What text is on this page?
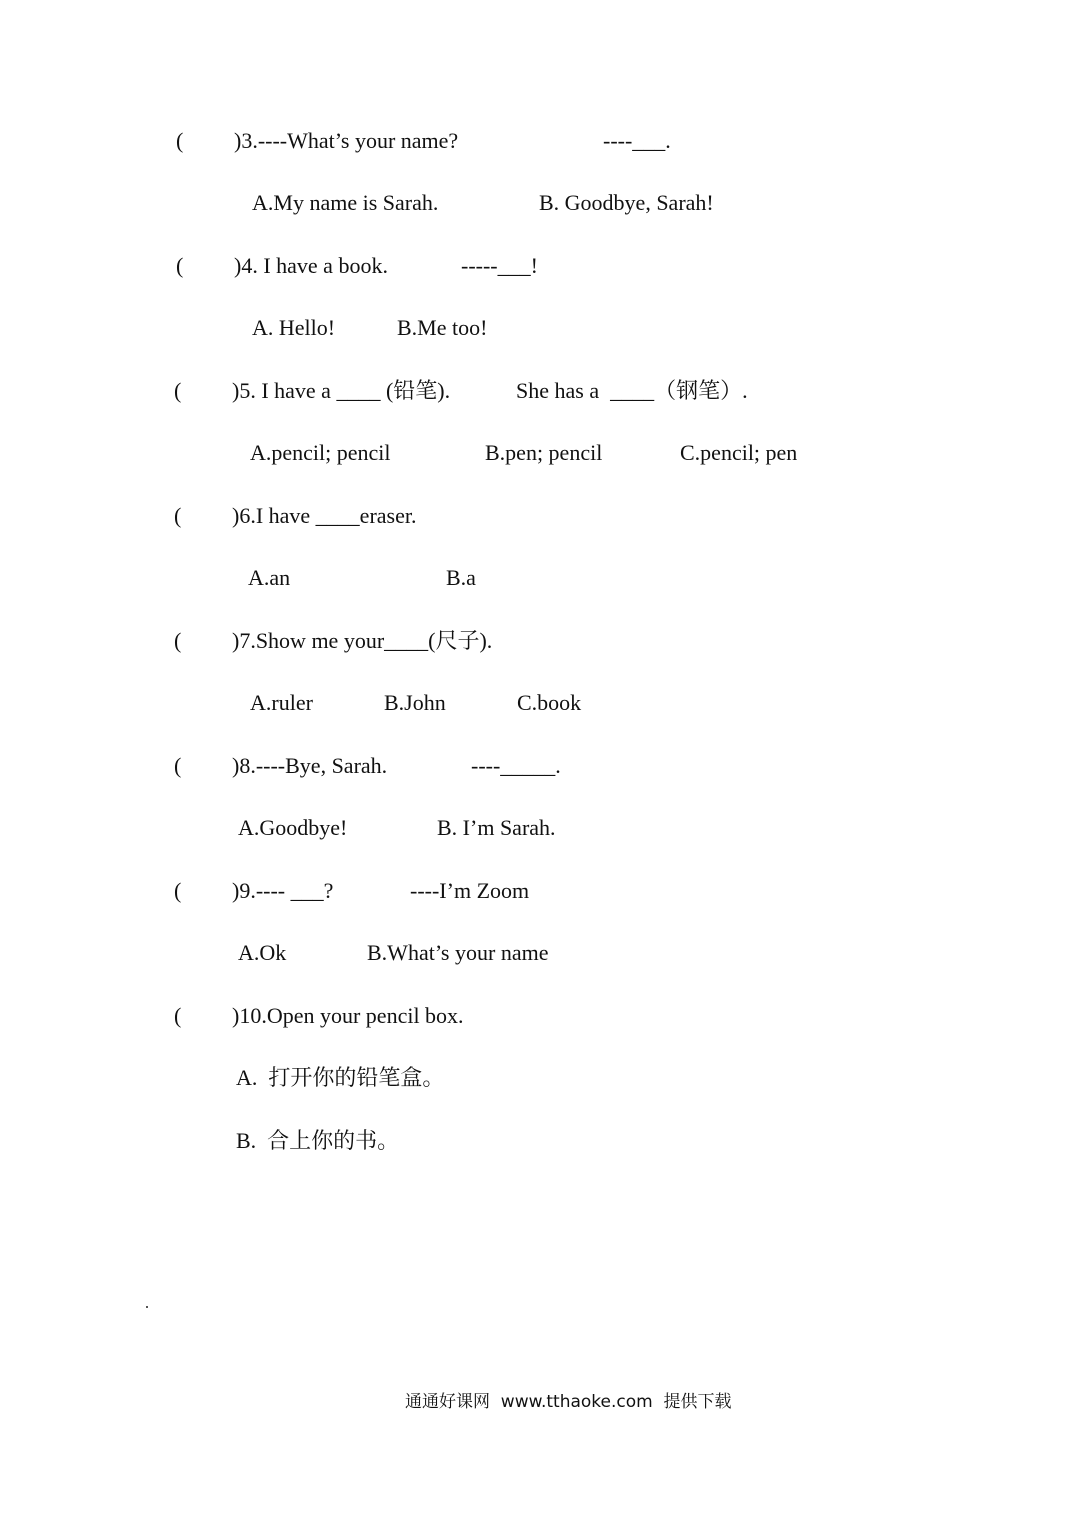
( )3.----What’s your name?	----___.
A.My name is Sarah.	B. Goodbye, Sarah!
( )4. I have a book.	-----___!
A. Hello!	B.Me too!
( )5. I have a ____ (铅笔).	She has a  ____（钢笔）.
A.pencil; pencil	B.pen; pencil	C.pencil; pen
( )6.I have ____eraser.
A.an	B.a
( )7.Show me your____(尺子).
A.ruler	B.John	C.book
( )8.----Bye, Sarah.	----_____.
A.Goodbye!	B. I’m Sarah.
( )9.---- ___?	----I’m Zoom
A.Ok	B.What’s your name
( )10.Open your pencil box.
A.  打开你的铅笔盒。
B.  合上你的书。
通通好课网  www.tthaoke.com  提供下载
